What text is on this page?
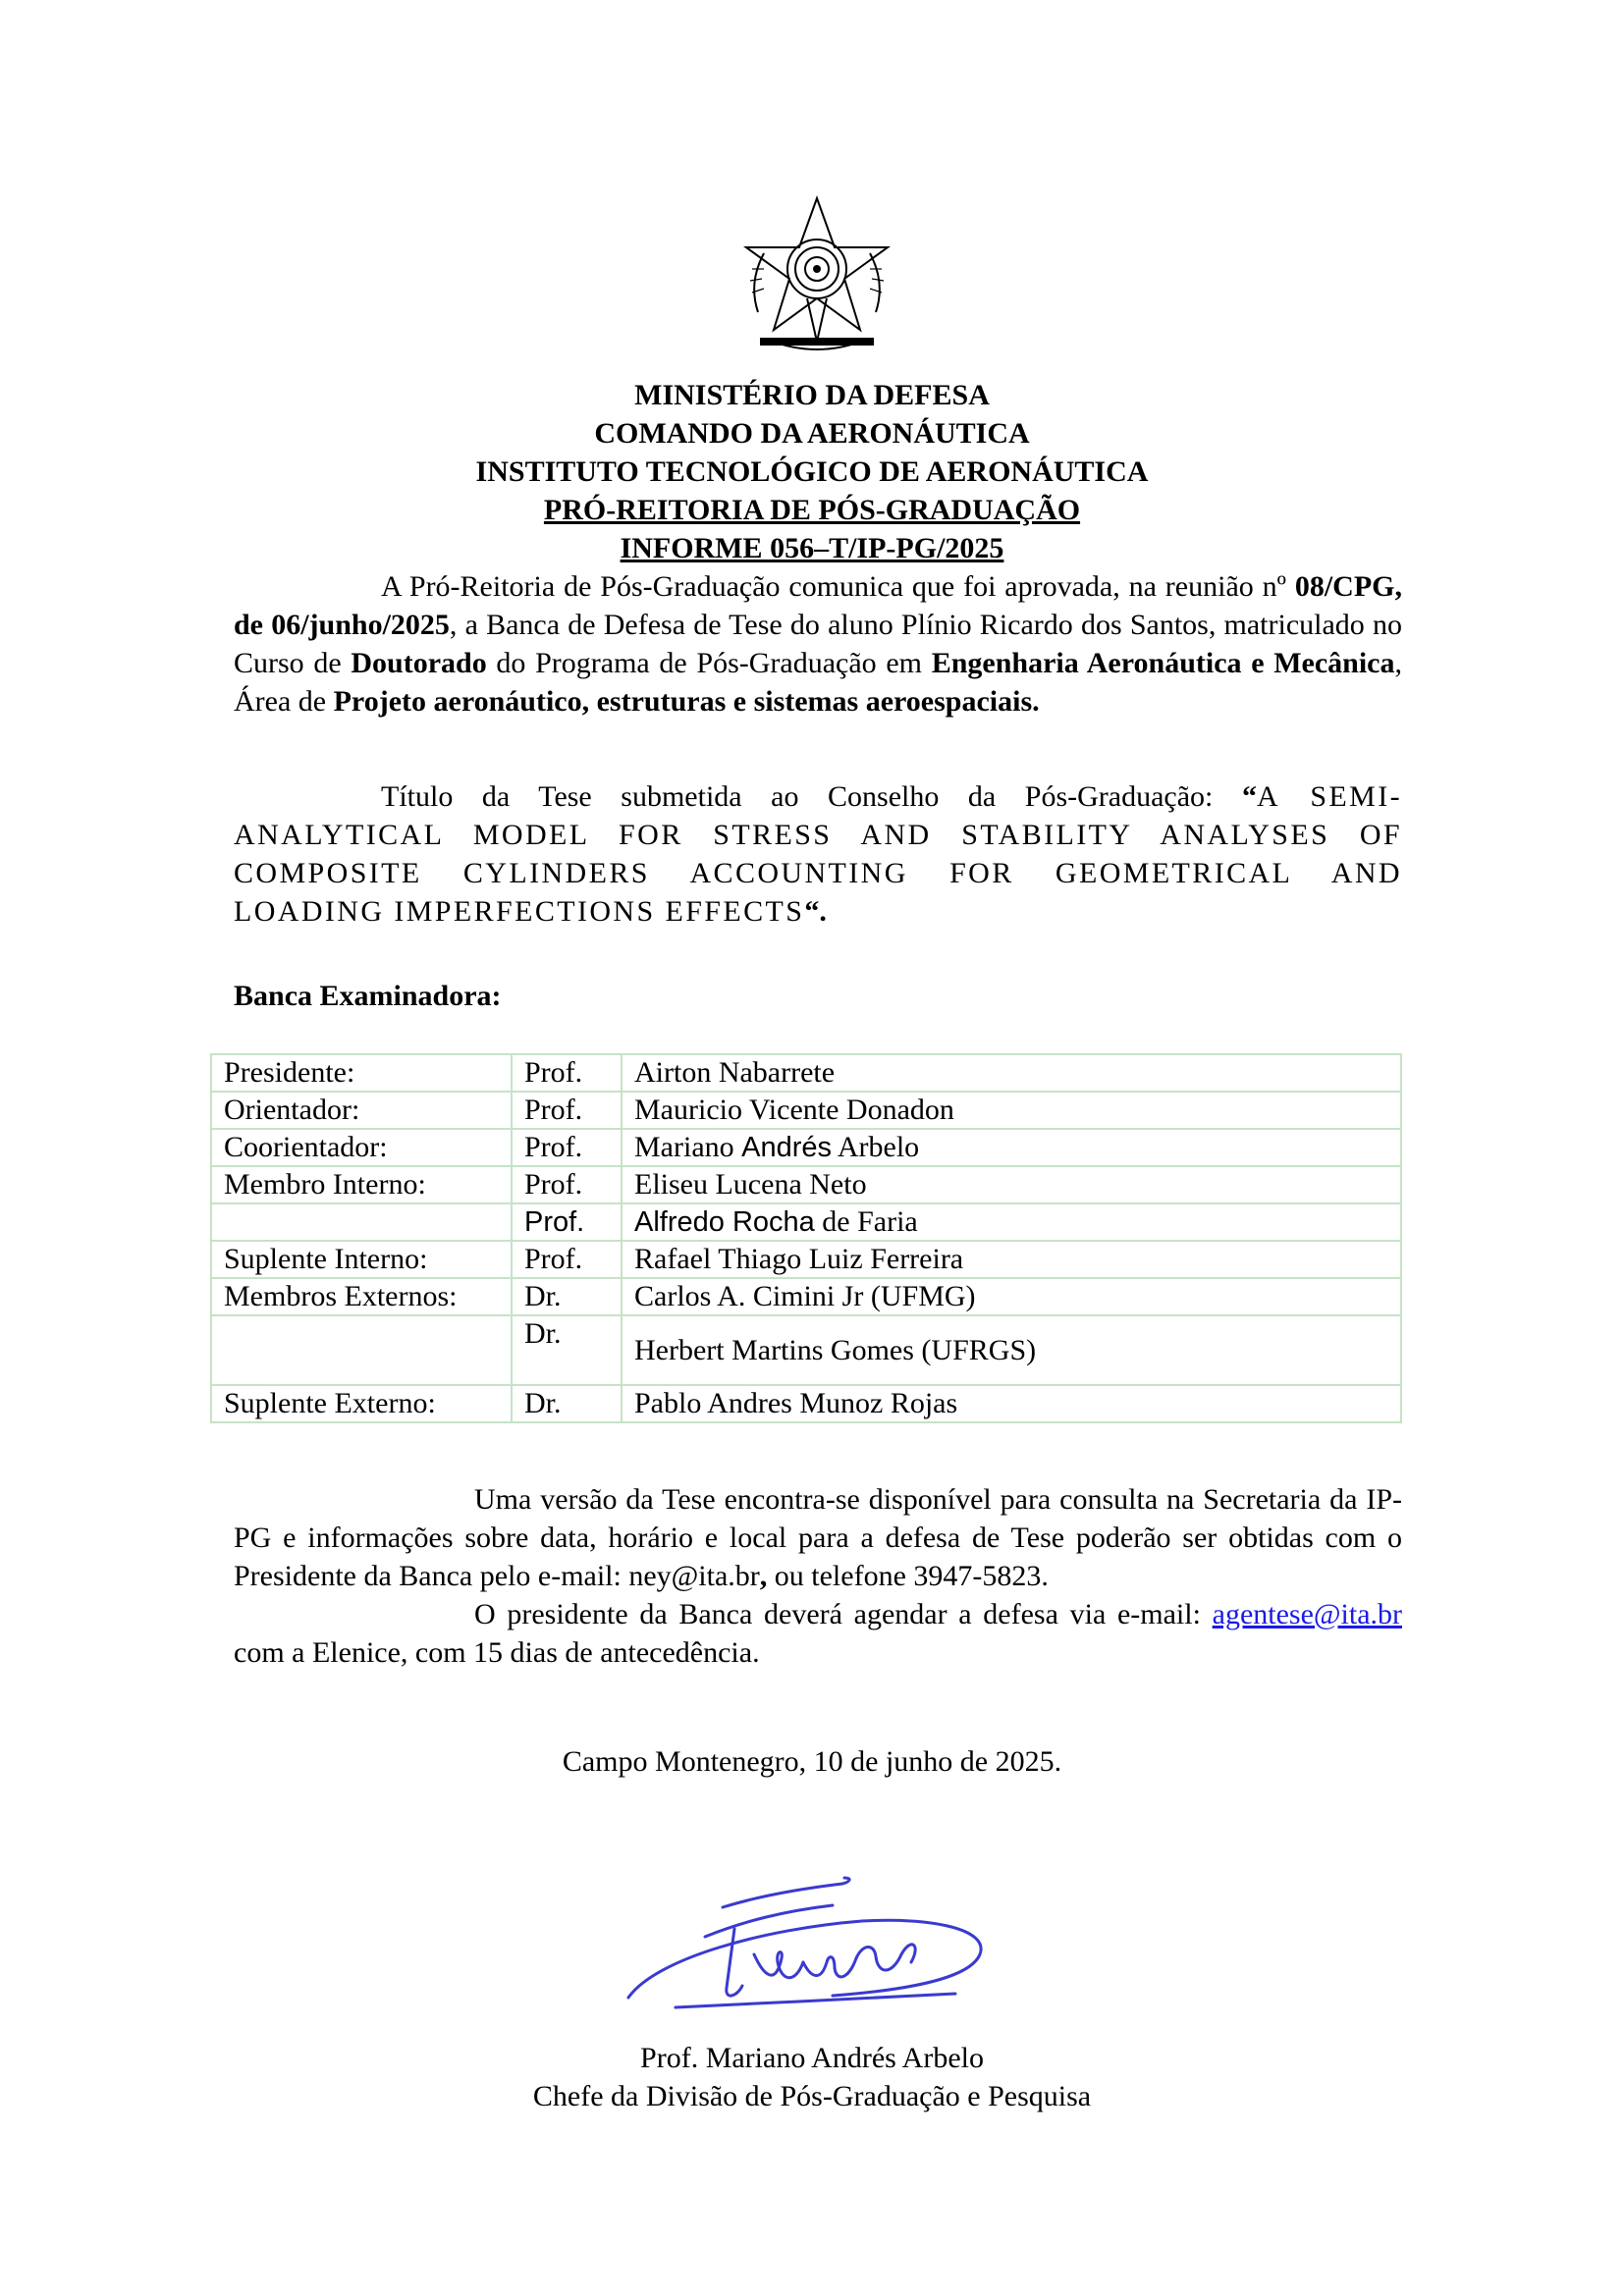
MINISTÉRIO DA DEFESA
COMANDO DA AERONÁUTICA
INSTITUTO TECNOLÓGICO DE AERONÁUTICA
PRÓ-REITORIA DE PÓS-GRADUAÇÃO
INFORME 056–T/IP-PG/2025
A Pró-Reitoria de Pós-Graduação comunica que foi aprovada, na reunião nº 08/CPG, de 06/junho/2025, a Banca de Defesa de Tese do aluno Plínio Ricardo dos Santos, matriculado no Curso de Doutorado do Programa de Pós-Graduação em Engenharia Aeronáutica e Mecânica, Área de Projeto aeronáutico, estruturas e sistemas aeroespaciais.
Título da Tese submetida ao Conselho da Pós-Graduação: “A SEMI-ANALYTICAL MODEL FOR STRESS AND STABILITY ANALYSES OF COMPOSITE CYLINDERS ACCOUNTING FOR GEOMETRICAL AND LOADING IMPERFECTIONS EFFECTS“.
Banca Examinadora:
Presidente:	Prof.	Airton Nabarrete
Orientador:	Prof.	Mauricio Vicente Donadon
Coorientador:	Prof.	Mariano Andrés Arbelo
Membro Interno:	Prof.	Eliseu Lucena Neto
	Prof.	Alfredo Rocha de Faria
Suplente Interno:	Prof.	Rafael Thiago Luiz Ferreira
Membros Externos:	Dr.	Carlos A. Cimini Jr (UFMG)
	Dr.	Herbert Martins Gomes (UFRGS)
Suplente Externo:	Dr.	Pablo Andres Munoz Rojas
Uma versão da Tese encontra-se disponível para consulta na Secretaria da IP-PG e informações sobre data, horário e local para a defesa de Tese poderão ser obtidas com o Presidente da Banca pelo e-mail: ney@ita.br, ou telefone 3947-5823.
O presidente da Banca deverá agendar a defesa via e-mail: agentese@ita.br com a Elenice, com 15 dias de antecedência.
Campo Montenegro, 10 de junho de 2025.
Prof. Mariano Andrés Arbelo
Chefe da Divisão de Pós-Graduação e Pesquisa
